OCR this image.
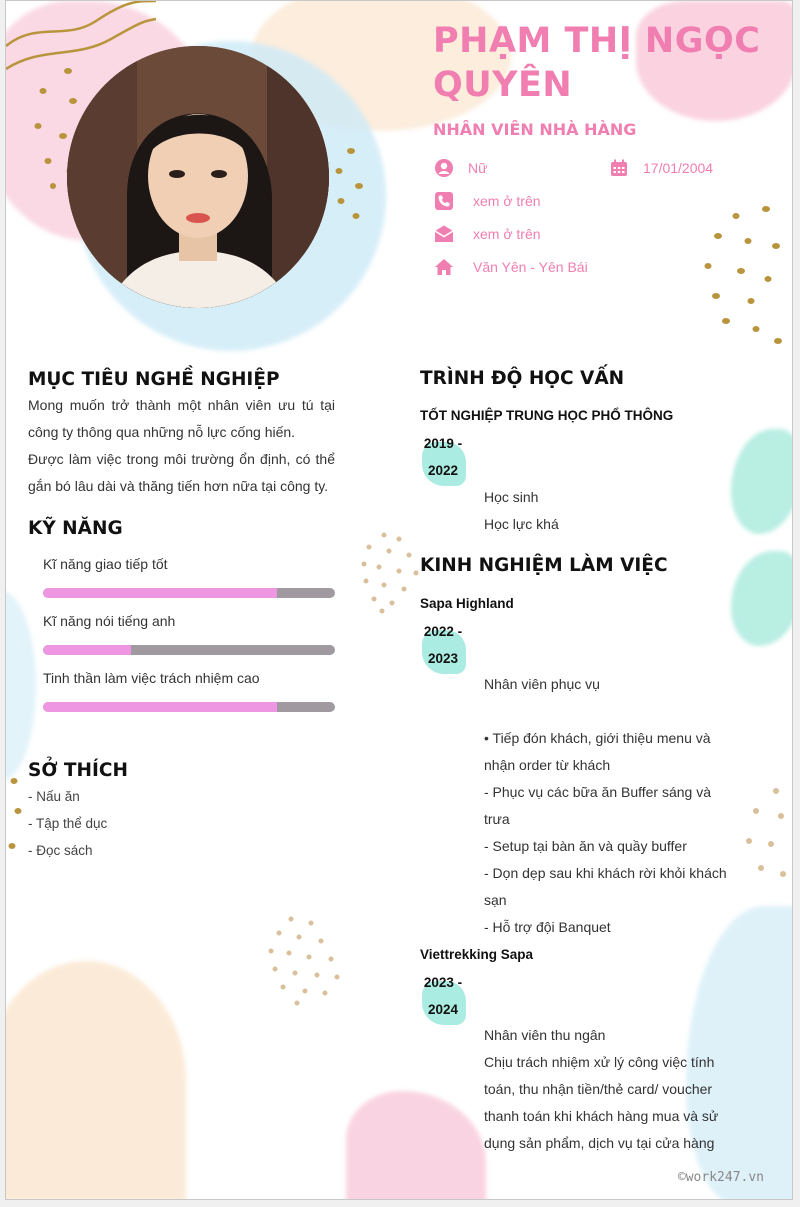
PHẠM THỊ NGỌC QUYÊN
NHÂN VIÊN NHÀ HÀNG
Nữ	17/01/2004
xem ở trên
xem ở trên
Văn Yên - Yên Bái
MỤC TIÊU NGHỀ NGHIỆP
Mong muốn trở thành một nhân viên ưu tú tại
công ty thông qua những nỗ lực cống hiến.
Được làm việc trong môi trường ổn định, có thể
gắn bó lâu dài và thăng tiến hơn nữa tại công ty.
KỸ NĂNG
Kĩ năng giao tiếp tốt
Kĩ năng nói tiếng anh
Tinh thần làm việc trách nhiệm cao
SỞ THÍCH
- Nấu ăn
- Tập thể dục
- Đọc sách
TRÌNH ĐỘ HỌC VẤN
TỐT NGHIỆP TRUNG HỌC PHỔ THÔNG
2019 -
2022
Học sinh
Học lực khá
KINH NGHIỆM LÀM VIỆC
Sapa Highland
2022 -
2023
Nhân viên phục vụ
• Tiếp đón khách, giới thiệu menu và
nhận order từ khách
- Phục vụ các bữa ăn Buffer sáng và
trưa
- Setup tại bàn ăn và quầy buffer
- Dọn dẹp sau khi khách rời khỏi khách
sạn
- Hỗ trợ đội Banquet
Viettrekking Sapa
2023 -
2024
Nhân viên thu ngân
Chịu trách nhiệm xử lý công việc tính
toán, thu nhận tiền/thẻ card/ voucher
thanh toán khi khách hàng mua và sử
dụng sản phẩm, dịch vụ tại cửa hàng
©work247.vn
